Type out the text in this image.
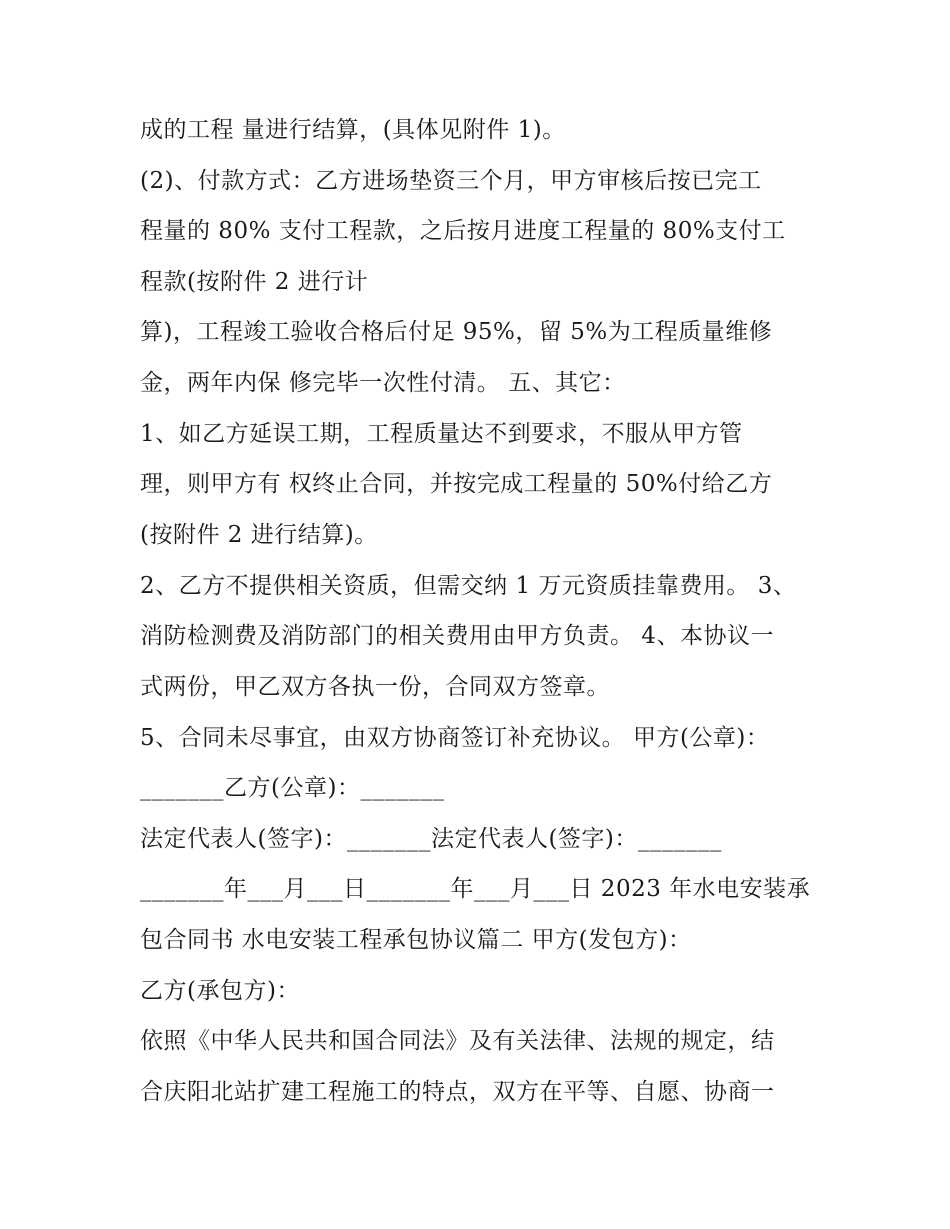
成的工程 量进行结算，(具体见附件 1)。

(2)、付款方式：乙方进场垫资三个月，甲方审核后按已完工

程量的 80% 支付工程款，之后按月进度工程量的 80%支付工

程款(按附件 2 进行计

算)，工程竣工验收合格后付足 95%，留 5%为工程质量维修

金，两年内保 修完毕一次性付清。 五、其它：

1、如乙方延误工期，工程质量达不到要求，不服从甲方管

理，则甲方有 权终止合同，并按完成工程量的 50%付给乙方

(按附件 2 进行结算)。

2、乙方不提供相关资质，但需交纳 1 万元资质挂靠费用。 3、

消防检测费及消防部门的相关费用由甲方负责。 4、本协议一

式两份，甲乙双方各执一份，合同双方签章。

5、合同未尽事宜，由双方协商签订补充协议。 甲方(公章)：

_______乙方(公章)：_______

法定代表人(签字)：_______法定代表人(签字)：_______

_______年___月___日_______年___月___日 2023 年水电安装承

包合同书 水电安装工程承包协议篇二 甲方(发包方)：

乙方(承包方)：

依照《中华人民共和国合同法》及有关法律、法规的规定，结

合庆阳北站扩建工程施工的特点，双方在平等、自愿、协商一
